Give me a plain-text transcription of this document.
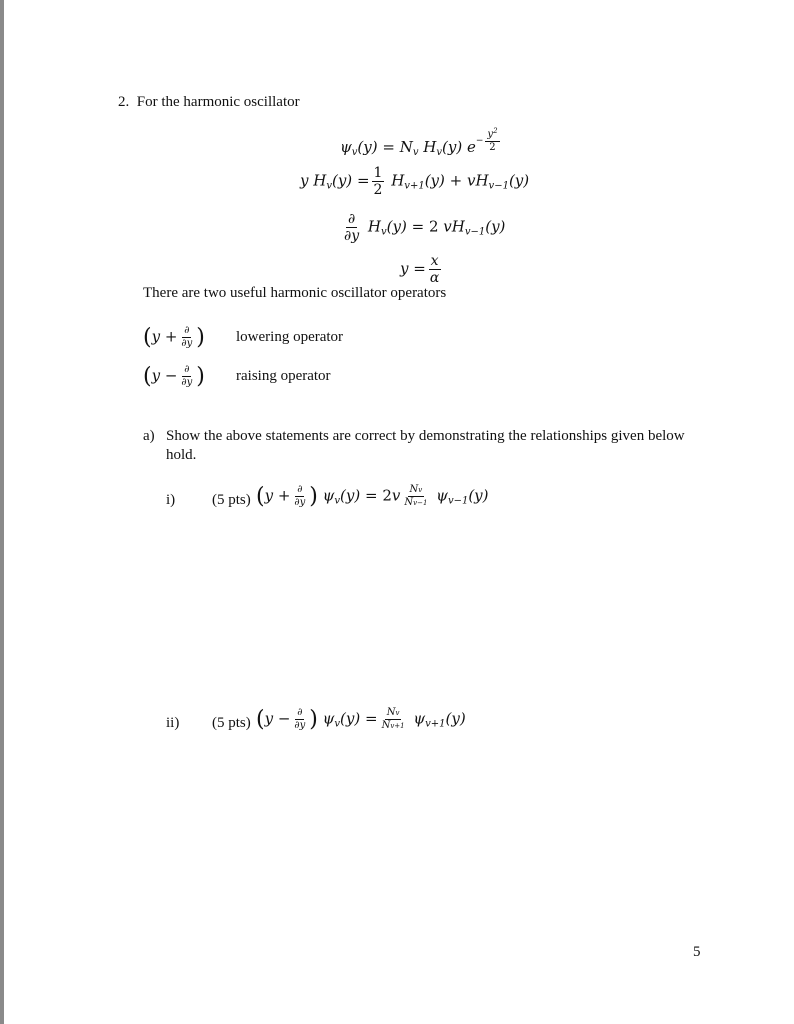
2. For the harmonic oscillator
$\psi_v(y) = N_v$ $H_v(y)$ $e- \frac{y^2}{2}$
y $H_v(y) = \frac{1}{2} H_{v+1}(y) + vH_{v-1}(y)$
$\frac{\partial}{\partial y} H_v(y) = 2$ $vH_{v-1}(y)$
$y = \frac{x}{\alpha}$
There are two useful harmonic oscillator operators
($y + \frac{\partial}{\partial y}$ ) lowering operator
($y - \frac{\partial}{\partial y}$ ) raising operator
a) Show the above statements are correct by demonstrating the relationships given below
hold.
i) (5 pts) ($y + \frac{\partial}{\partial y}$ ) $\psi_v(y) = 2v \frac{Nv}{Nv-1} \psi_{v-1}(y)$
ii) (5 pts) ($y - \frac{\partial}{\partial y}$ ) $\psi_v(y) = \frac{Nv}{Nv+1} \psi_{v+1}(y)$
5
